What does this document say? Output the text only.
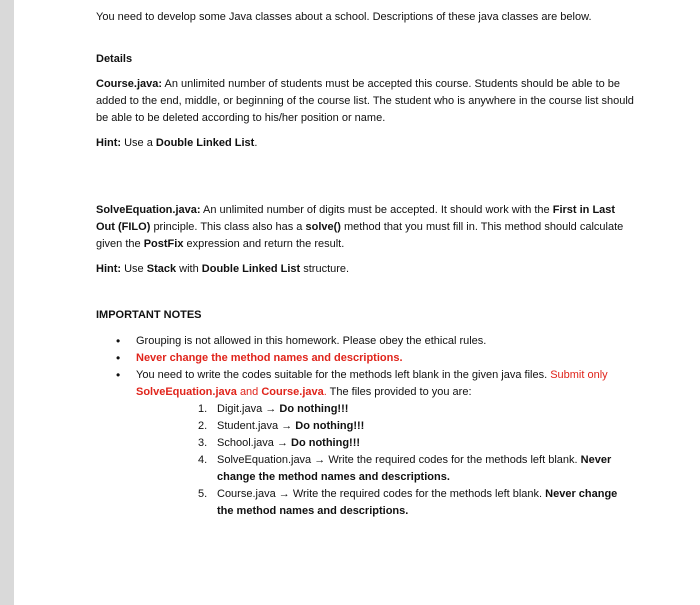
You need to develop some Java classes about a school. Descriptions of these java classes are below.

Details

Course.java: An unlimited number of students must be accepted this course. Students should be able to be added to the end, middle, or beginning of the course list. The student who is anywhere in the course list should be able to be deleted according to his/her position or name.

Hint: Use a Double Linked List.

SolveEquation.java: An unlimited number of digits must be accepted. It should work with the First in Last Out (FILO) principle. This class also has a solve() method that you must fill in. This method should calculate given the PostFix expression and return the result.

Hint: Use Stack with Double Linked List structure.

IMPORTANT NOTES

• Grouping is not allowed in this homework. Please obey the ethical rules.
• Never change the method names and descriptions.
• You need to write the codes suitable for the methods left blank in the given java files. Submit only SolveEquation.java and Course.java. The files provided to you are:
1. Digit.java → Do nothing!!!
2. Student.java → Do nothing!!!
3. School.java → Do nothing!!!
4. SolveEquation.java → Write the required codes for the methods left blank. Never change the method names and descriptions.
5. Course.java → Write the required codes for the methods left blank. Never change the method names and descriptions.
